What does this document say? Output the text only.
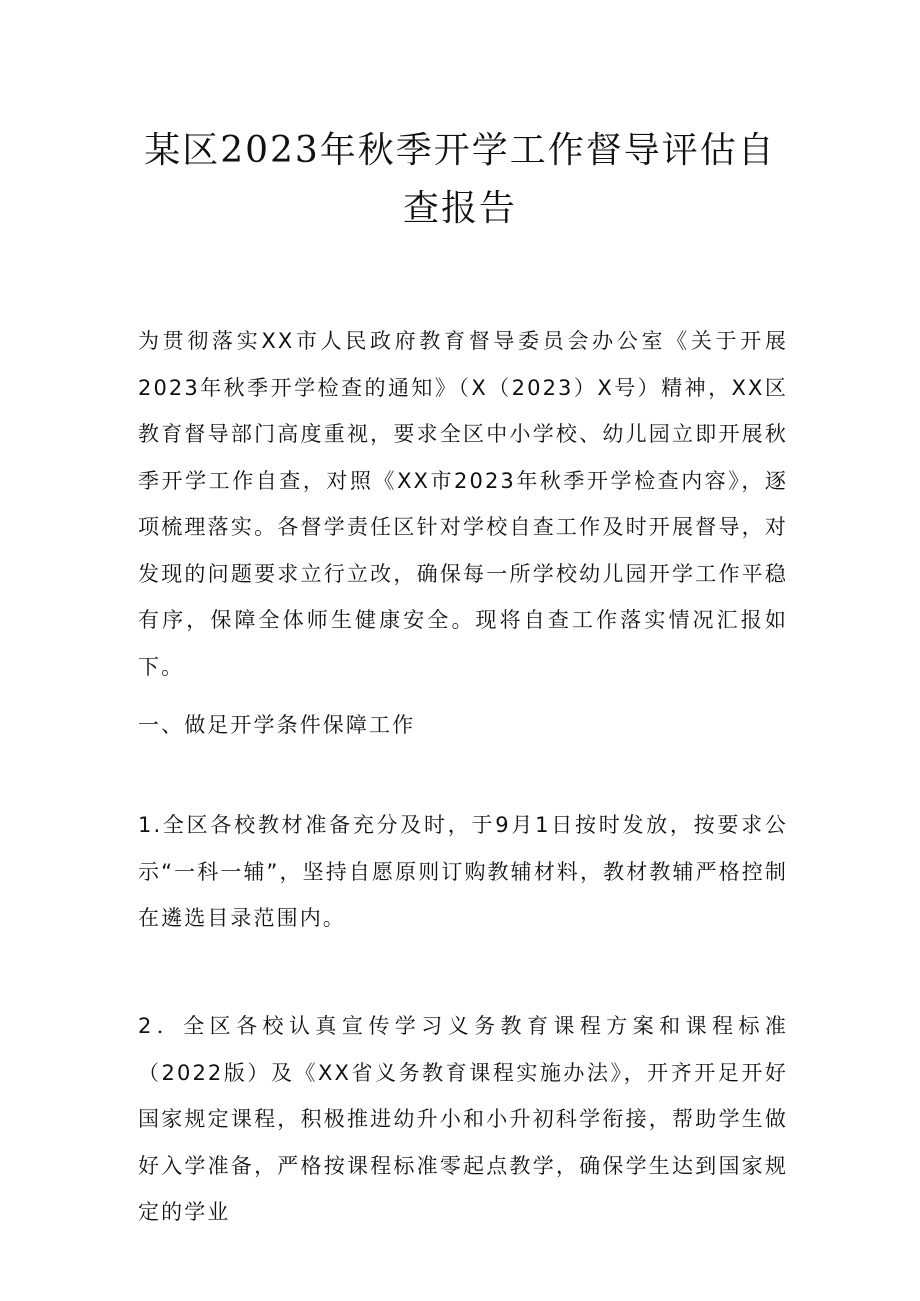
某区2023年秋季开学工作督导评估自查报告

为贯彻落实XX市人民政府教育督导委员会办公室《关于开展2023年秋季开学检查的通知》（X（2023）X号）精神，XX区教育督导部门高度重视，要求全区中小学校、幼儿园立即开展秋季开学工作自查，对照《XX市2023年秋季开学检查内容》，逐项梳理落实。各督学责任区针对学校自查工作及时开展督导，对发现的问题要求立行立改，确保每一所学校幼儿园开学工作平稳有序，保障全体师生健康安全。现将自查工作落实情况汇报如下。

一、做足开学条件保障工作

1.全区各校教材准备充分及时，于9月1日按时发放，按要求公示“一科一辅”，坚持自愿原则订购教辅材料，教材教辅严格控制在遴选目录范围内。

2．全区各校认真宣传学习义务教育课程方案和课程标准（2022版）及《XX省义务教育课程实施办法》，开齐开足开好国家规定课程，积极推进幼升小和小升初科学衔接，帮助学生做好入学准备，严格按课程标准零起点教学，确保学生达到国家规定的学业
